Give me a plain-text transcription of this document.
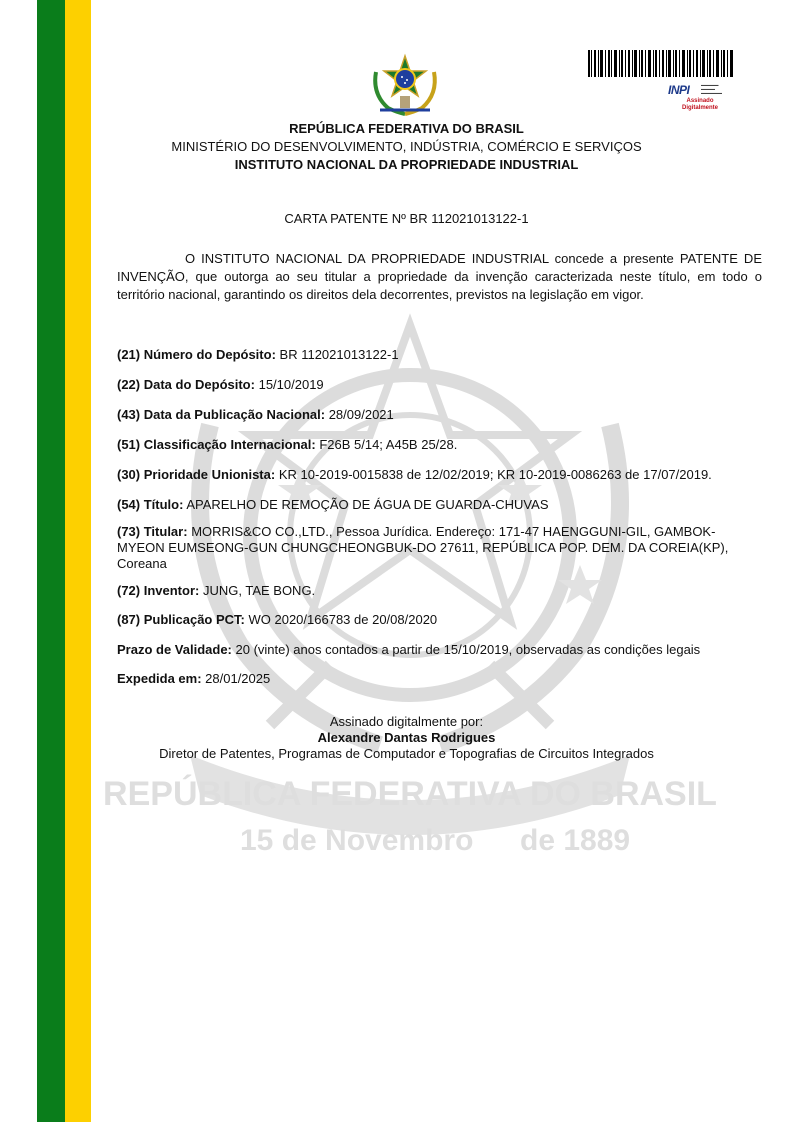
REPÚBLICA FEDERATIVA DO BRASIL
15 de Novembro de 1889
INPI	▬▬▬▬▬
▬▬▬▬
▬▬▬▬▬▬
Assinado
Digitalmente
REPÚBLICA FEDERATIVA DO BRASIL
MINISTÉRIO DO DESENVOLVIMENTO, INDÚSTRIA, COMÉRCIO E SERVIÇOS
INSTITUTO NACIONAL DA PROPRIEDADE INDUSTRIAL
CARTA PATENTE Nº BR 112021013122-1
O INSTITUTO NACIONAL DA PROPRIEDADE INDUSTRIAL concede a presente PATENTE DE INVENÇÃO, que outorga ao seu titular a propriedade da invenção caracterizada neste título, em todo o território nacional, garantindo os direitos dela decorrentes, previstos na legislação em vigor.
(21) Número do Depósito: BR 112021013122-1
(22) Data do Depósito: 15/10/2019
(43) Data da Publicação Nacional: 28/09/2021
(51) Classificação Internacional: F26B 5/14; A45B 25/28.
(30) Prioridade Unionista: KR 10-2019-0015838 de 12/02/2019; KR 10-2019-0086263 de 17/07/2019.
(54) Título: APARELHO DE REMOÇÃO DE ÁGUA DE GUARDA-CHUVAS
(73) Titular: MORRIS&CO CO.,LTD., Pessoa Jurídica. Endereço: 171-47 HAENGGUNI-GIL, GAMBOK-MYEON EUMSEONG-GUN CHUNGCHEONGBUK-DO 27611, REPÚBLICA POP. DEM. DA COREIA(KP), Coreana
(72) Inventor: JUNG, TAE BONG.
(87) Publicação PCT: WO 2020/166783 de 20/08/2020
Prazo de Validade: 20 (vinte) anos contados a partir de 15/10/2019, observadas as condições legais
Expedida em: 28/01/2025
Assinado digitalmente por:
Alexandre Dantas Rodrigues
Diretor de Patentes, Programas de Computador e Topografias de Circuitos Integrados
